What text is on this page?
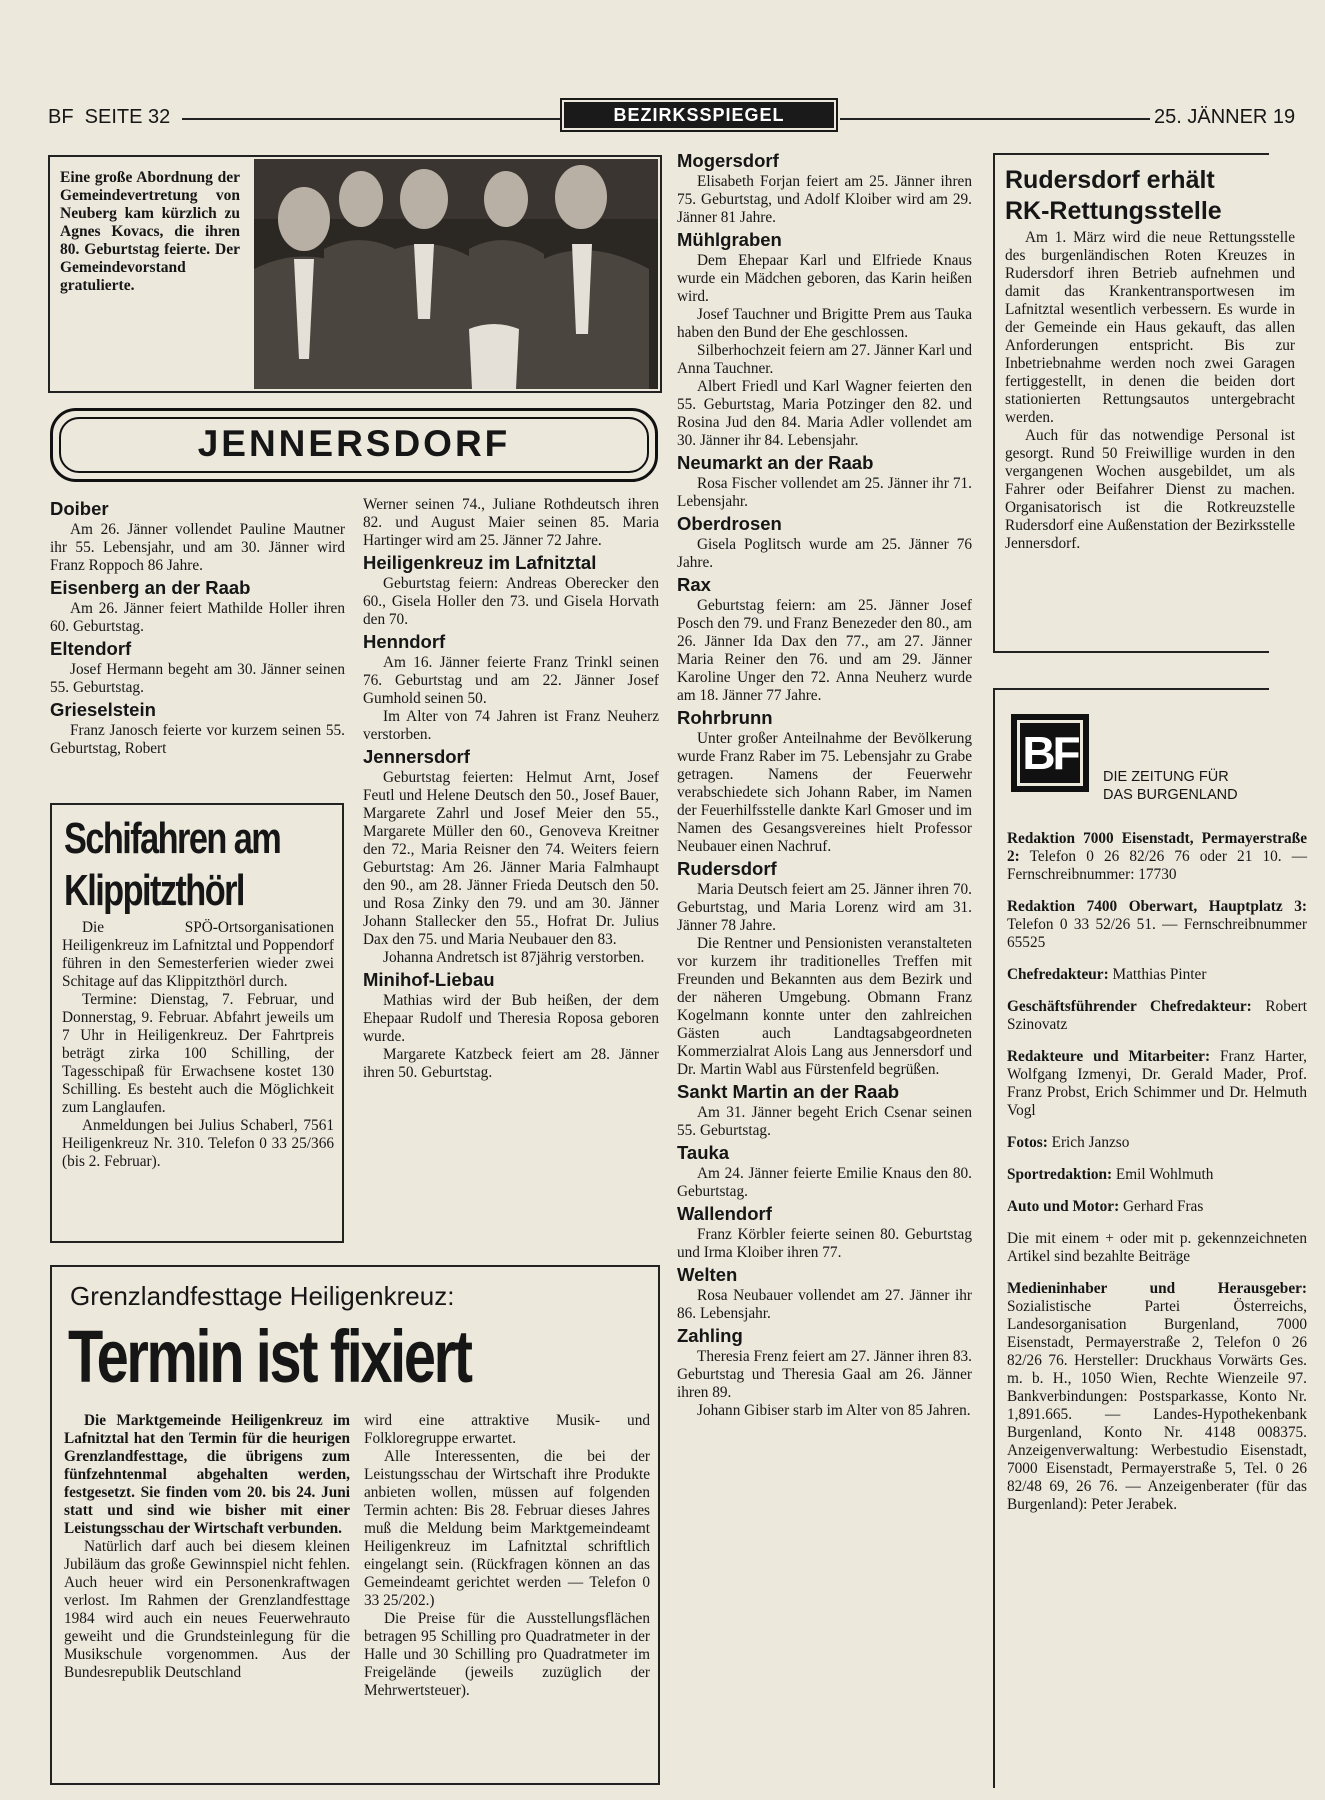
BF  SEITE 32	BEZIRKSSPIEGEL	25. JÄNNER 19
Eine große Abordnung der Gemeindevertretung von Neuberg kam kürzlich zu Agnes Kovacs, die ihren 80. Geburtstag feierte. Der Gemeindevorstand gratulierte.
JENNERSDORF
Doiber

Am 26. Jänner vollendet Pauline Mautner ihr 55. Lebensjahr, und am 30. Jänner wird Franz Roppoch 86 Jahre.

Eisenberg an der Raab

Am 26. Jänner feiert Mathilde Holler ihren 60. Geburtstag.

Eltendorf

Josef Hermann begeht am 30. Jänner seinen 55. Geburtstag.

Grieselstein

Franz Janosch feierte vor kurzem seinen 55. Geburtstag, Robert

Schifahren am
Klippitzthörl

Die SPÖ-Ortsorganisationen Heiligenkreuz im Lafnitztal und Poppendorf führen in den Semesterferien wieder zwei Schitage auf das Klippitzthörl durch.

Termine: Dienstag, 7. Februar, und Donnerstag, 9. Februar. Abfahrt jeweils um 7 Uhr in Heiligenkreuz. Der Fahrtpreis beträgt zirka 100 Schilling, der Tagesschipaß für Erwachsene kostet 130 Schilling. Es besteht auch die Möglichkeit zum Langlaufen.

Anmeldungen bei Julius Schaberl, 7561 Heiligenkreuz Nr. 310. Telefon 0 33 25/366 (bis 2. Februar).

Werner seinen 74., Juliane Rothdeutsch ihren 82. und August Maier seinen 85. Maria Hartinger wird am 25. Jänner 72 Jahre.

Heiligenkreuz im Lafnitztal

Geburtstag feiern: Andreas Oberecker den 60., Gisela Holler den 73. und Gisela Horvath den 70.

Henndorf

Am 16. Jänner feierte Franz Trinkl seinen 76. Geburtstag und am 22. Jänner Josef Gumhold seinen 50.

Im Alter von 74 Jahren ist Franz Neuherz verstorben.

Jennersdorf

Geburtstag feierten: Helmut Arnt, Josef Feutl und Helene Deutsch den 50., Josef Bauer, Margarete Zahrl und Josef Meier den 55., Margarete Müller den 60., Genoveva Kreitner den 72., Maria Reisner den 74. Weiters feiern Geburtstag: Am 26. Jänner Maria Falmhaupt den 90., am 28. Jänner Frieda Deutsch den 50. und Rosa Zinky den 79. und am 30. Jänner Johann Stallecker den 55., Hofrat Dr. Julius Dax den 75. und Maria Neubauer den 83.

Johanna Andretsch ist 87jährig verstorben.

Minihof-Liebau

Mathias wird der Bub heißen, der dem Ehepaar Rudolf und Theresia Roposa geboren wurde.

Margarete Katzbeck feiert am 28. Jänner ihren 50. Geburtstag.

Grenzlandfesttage Heiligenkreuz:
Termin ist fixiert

Die Marktgemeinde Heiligenkreuz im Lafnitztal hat den Termin für die heurigen Grenzlandfesttage, die übrigens zum fünfzehntenmal abgehalten werden, festgesetzt. Sie finden vom 20. bis 24. Juni statt und sind wie bisher mit einer Leistungsschau der Wirtschaft verbunden.

Natürlich darf auch bei diesem kleinen Jubiläum das große Gewinnspiel nicht fehlen. Auch heuer wird ein Personenkraftwagen verlost. Im Rahmen der Grenzlandfesttage 1984 wird auch ein neues Feuerwehrauto geweiht und die Grundsteinlegung für die Musikschule vorgenommen. Aus der Bundesrepublik Deutschland

wird eine attraktive Musik- und Folkloregruppe erwartet.

Alle Interessenten, die bei der Leistungsschau der Wirtschaft ihre Produkte anbieten wollen, müssen auf folgenden Termin achten: Bis 28. Februar dieses Jahres muß die Meldung beim Marktgemeindeamt Heiligenkreuz im Lafnitztal schriftlich eingelangt sein. (Rückfragen können an das Gemeindeamt gerichtet werden — Telefon 0 33 25/202.)

Die Preise für die Ausstellungsflächen betragen 95 Schilling pro Quadratmeter in der Halle und 30 Schilling pro Quadratmeter im Freigelände (jeweils zuzüglich der Mehrwertsteuer).

Mogersdorf

Elisabeth Forjan feiert am 25. Jänner ihren 75. Geburtstag, und Adolf Kloiber wird am 29. Jänner 81 Jahre.

Mühlgraben

Dem Ehepaar Karl und Elfriede Knaus wurde ein Mädchen geboren, das Karin heißen wird.

Josef Tauchner und Brigitte Prem aus Tauka haben den Bund der Ehe geschlossen.

Silberhochzeit feiern am 27. Jänner Karl und Anna Tauchner.

Albert Friedl und Karl Wagner feierten den 55. Geburtstag, Maria Potzinger den 82. und Rosina Jud den 84. Maria Adler vollendet am 30. Jänner ihr 84. Lebensjahr.

Neumarkt an der Raab

Rosa Fischer vollendet am 25. Jänner ihr 71. Lebensjahr.

Oberdrosen

Gisela Poglitsch wurde am 25. Jänner 76 Jahre.

Rax

Geburtstag feiern: am 25. Jänner Josef Posch den 79. und Franz Benezeder den 80., am 26. Jänner Ida Dax den 77., am 27. Jänner Maria Reiner den 76. und am 29. Jänner Karoline Unger den 72. Anna Neuherz wurde am 18. Jänner 77 Jahre.

Rohrbrunn

Unter großer Anteilnahme der Bevölkerung wurde Franz Raber im 75. Lebensjahr zu Grabe getragen. Namens der Feuerwehr verabschiedete sich Johann Raber, im Namen der Feuerhilfsstelle dankte Karl Gmoser und im Namen des Gesangsvereines hielt Professor Neubauer einen Nachruf.

Rudersdorf

Maria Deutsch feiert am 25. Jänner ihren 70. Geburtstag, und Maria Lorenz wird am 31. Jänner 78 Jahre.

Die Rentner und Pensionisten veranstalteten vor kurzem ihr traditionelles Treffen mit Freunden und Bekannten aus dem Bezirk und der näheren Umgebung. Obmann Franz Kogelmann konnte unter den zahlreichen Gästen auch Landtagsabgeordneten Kommerzialrat Alois Lang aus Jennersdorf und Dr. Martin Wabl aus Fürstenfeld begrüßen.

Sankt Martin an der Raab

Am 31. Jänner begeht Erich Csenar seinen 55. Geburtstag.

Tauka

Am 24. Jänner feierte Emilie Knaus den 80. Geburtstag.

Wallendorf

Franz Körbler feierte seinen 80. Geburtstag und Irma Kloiber ihren 77.

Welten

Rosa Neubauer vollendet am 27. Jänner ihr 86. Lebensjahr.

Zahling

Theresia Frenz feiert am 27. Jänner ihren 83. Geburtstag und Theresia Gaal am 26. Jänner ihren 89.

Johann Gibiser starb im Alter von 85 Jahren.

Rudersdorf erhält
RK-Rettungsstelle

Am 1. März wird die neue Rettungsstelle des burgenländischen Roten Kreuzes in Rudersdorf ihren Betrieb aufnehmen und damit das Krankentransportwesen im Lafnitztal wesentlich verbessern. Es wurde in der Gemeinde ein Haus gekauft, das allen Anforderungen entspricht. Bis zur Inbetriebnahme werden noch zwei Garagen fertiggestellt, in denen die beiden dort stationierten Rettungsautos untergebracht werden.

Auch für das notwendige Personal ist gesorgt. Rund 50 Freiwillige wurden in den vergangenen Wochen ausgebildet, um als Fahrer oder Beifahrer Dienst zu machen. Organisatorisch ist die Rotkreuzstelle Rudersdorf eine Außenstation der Bezirksstelle Jennersdorf.

BF	DIE ZEITUNG FÜR
DAS BURGENLAND

Redaktion 7000 Eisenstadt, Permayerstraße 2: Telefon 0 26 82/26 76 oder 21 10. — Fernschreibnummer: 17730

Redaktion 7400 Oberwart, Hauptplatz 3: Telefon 0 33 52/26 51. — Fernschreibnummer 65525

Chefredakteur: Matthias Pinter

Geschäftsführender Chefredakteur: Robert Szinovatz

Redakteure und Mitarbeiter: Franz Harter, Wolfgang Izmenyi, Dr. Gerald Mader, Prof. Franz Probst, Erich Schimmer und Dr. Helmuth Vogl

Fotos: Erich Janzso

Sportredaktion: Emil Wohlmuth

Auto und Motor: Gerhard Fras

Die mit einem + oder mit p. gekennzeichneten Artikel sind bezahlte Beiträge

Medieninhaber und Herausgeber: Sozialistische Partei Österreichs, Landesorganisation Burgenland, 7000 Eisenstadt, Permayerstraße 2, Telefon 0 26 82/26 76. Hersteller: Druckhaus Vorwärts Ges. m. b. H., 1050 Wien, Rechte Wienzeile 97. Bankverbindungen: Postsparkasse, Konto Nr. 1,891.665. — Landes-Hypothekenbank Burgenland, Konto Nr. 4148 008375. Anzeigenverwaltung: Werbestudio Eisenstadt, 7000 Eisenstadt, Permayerstraße 5, Tel. 0 26 82/48 69, 26 76. — Anzeigenberater (für das Burgenland): Peter Jerabek.
